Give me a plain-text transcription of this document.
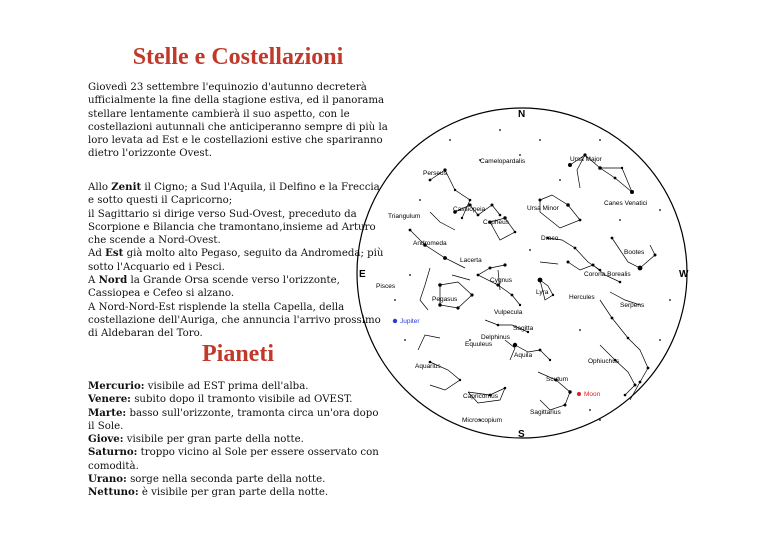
Stelle e Costellazioni

Giovedì 23 settembre l'equinozio d'autunno decreterà ufficialmente la fine della stagione estiva, ed il panorama stellare lentamente cambierà il suo aspetto, con le costellazioni autunnali che anticiperanno sempre di più la loro levata ad Est e le costellazioni estive che spariranno dietro l'orizzonte Ovest.

Allo Zenit il Cigno; a Sud l'Aquila, il Delfino e la Freccia e sotto questi il Capricorno;
il Sagittario si dirige verso Sud-Ovest, preceduto da Scorpione e Bilancia che tramontano,insieme ad Arturo che scende a Nord-Ovest.
Ad Est già molto alto Pegaso, seguito da Andromeda; più sotto l'Acquario ed i Pesci.
A Nord la Grande Orsa scende verso l'orizzonte, Cassiopea e Cefeo si alzano.
A Nord-Nord-Est risplende la stella Capella, della costellazione dell'Auriga, che annuncia l'arrivo prossimo di Aldebaran del Toro.

Pianeti

Mercurio: visibile ad EST prima dell'alba.
Venere: subito dopo il tramonto visibile ad OVEST.
Marte: basso sull'orizzonte, tramonta circa un'ora dopo il Sole.
Giove: visibile per gran parte della notte.
Saturno: troppo vicino al Sole per essere osservato con comodità.
Urano: sorge nella seconda parte della notte.
Nettuno: è visibile per gran parte della notte.

N
S
E	W
Camelopardalis	Ursa Major
Perseus
Cassiopeia	Ursa Minor
Canes Venatici
Triangulum
Cepheus
Draco
Andromeda
Lacerta
Bootes
Cygnus
Corona Borealis
Pisces
Lyra
Hercules
Pegasus
Serpens
Vulpecula
Sagitta
Delphinus
Equuleus
Aquila
Aquarius
Ophiuchus
Scutum
Capricornus
Sagittarius
Microscopium
Jupiter
Moon
